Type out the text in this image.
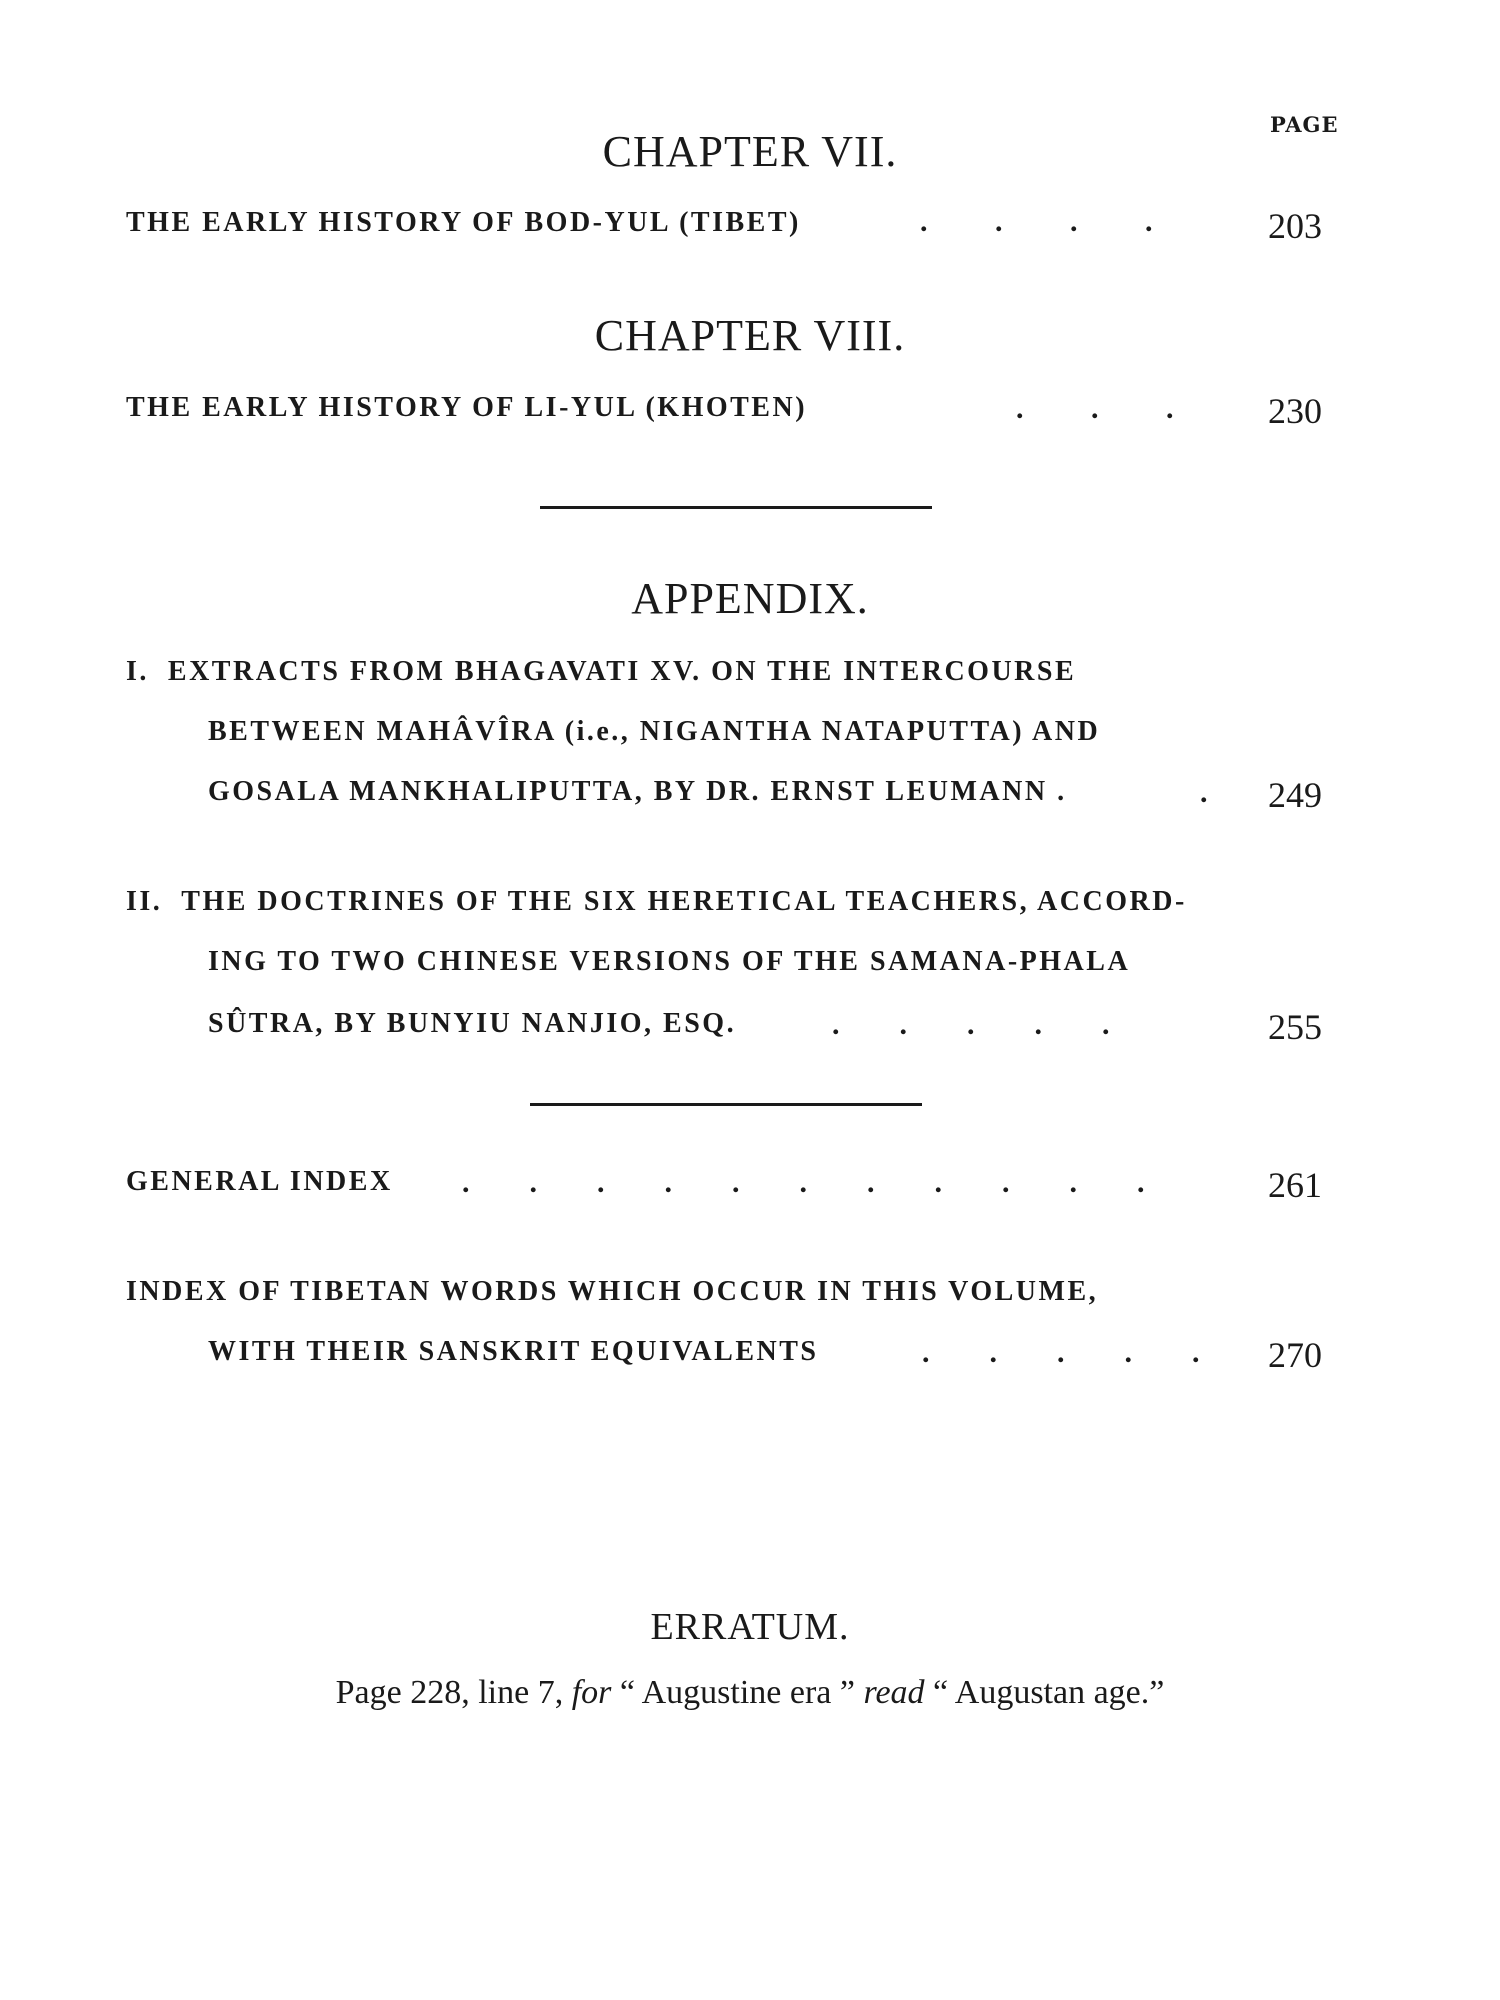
PAGE
CHAPTER VII.
THE EARLY HISTORY OF BOD-YUL (TIBET)	.         .         .         .	203
CHAPTER VIII.
THE EARLY HISTORY OF LI-YUL (KHOTEN)	.         .         .	230
APPENDIX.
I. EXTRACTS FROM BHAGAVATI XV. ON THE INTERCOURSE
BETWEEN MAHÂVÎRA (i.e., NIGANTHA NATAPUTTA) AND
GOSALA MANKHALIPUTTA, BY DR. ERNST LEUMANN .	. 249
II. THE DOCTRINES OF THE SIX HERETICAL TEACHERS, ACCORD-
ING TO TWO CHINESE VERSIONS OF THE SAMANA-PHALA
SÛTRA, BY BUNYIU NANJIO, ESQ.	.        .        .        .        .	255
GENERAL INDEX .        .        .        .        .        .        .        .        .        .        .	261
INDEX OF TIBETAN WORDS WHICH OCCUR IN THIS VOLUME,
WITH THEIR SANSKRIT EQUIVALENTS	.        .        .        .        . 270
ERRATUM.
Page 228, line 7, for “ Augustine era ” read “ Augustan age.”
